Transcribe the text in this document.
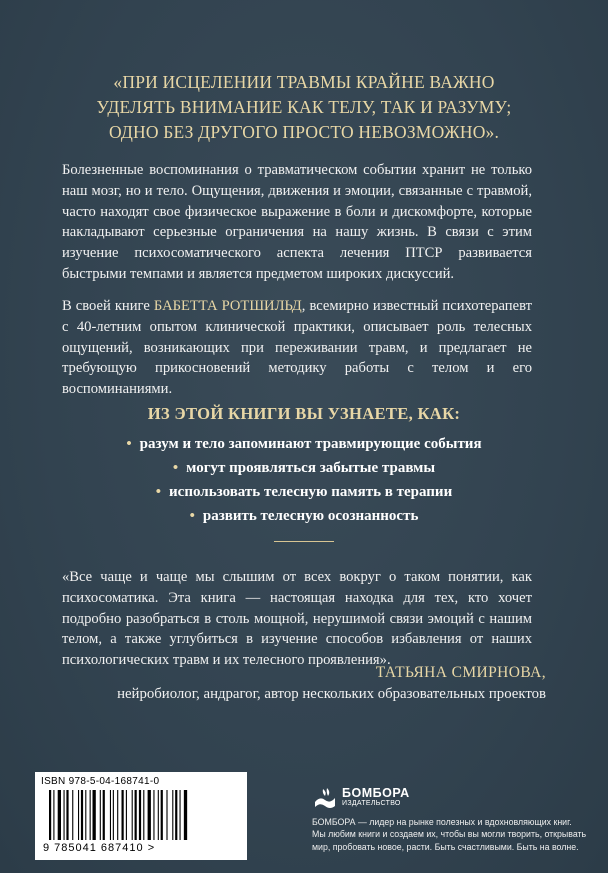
«ПРИ ИСЦЕЛЕНИИ ТРАВМЫ КРАЙНЕ ВАЖНО
УДЕЛЯТЬ ВНИМАНИЕ КАК ТЕЛУ, ТАК И РАЗУМУ;
ОДНО БЕЗ ДРУГОГО ПРОСТО НЕВОЗМОЖНО».
Болезненные воспоминания о травматическом событии хранит не только наш мозг, но и тело. Ощущения, движения и эмоции, связанные с травмой, часто находят свое физическое выражение в боли и дискомфорте, которые накладывают серьезные ограничения на нашу жизнь. В связи с этим изучение психосоматического аспекта лечения ПТСР развивается быстрыми темпами и является предметом широких дискуссий.
В своей книге БАБЕТТА РОТШИЛЬД, всемирно известный психотерапевт с 40-летним опытом клинической практики, описывает роль телесных ощущений, возникающих при переживании травм, и предлагает не требующую прикосновений методику работы с телом и его воспоминаниями.
ИЗ ЭТОЙ КНИГИ ВЫ УЗНАЕТЕ, КАК:
• разум и тело запоминают травмирующие события
• могут проявляться забытые травмы
• использовать телесную память в терапии
• развить телесную осознанность
«Все чаще и чаще мы слышим от всех вокруг о таком понятии, как психосоматика. Эта книга — настоящая находка для тех, кто хочет подробно разобраться в столь мощной, нерушимой связи эмоций с нашим телом, а также углубиться в изучение способов избавления от наших психологических травм и их телесного проявления».
ТАТЬЯНА СМИРНОВА,
нейробиолог, андрагог, автор нескольких образовательных проектов
ISBN 978-5-04-168741-0
9 785041 687410 >
БОМБОРА
ИЗДАТЕЛЬСТВО
БОМБОРА — лидер на рынке полезных и вдохновляющих книг.
Мы любим книги и создаем их, чтобы вы могли творить, открывать
мир, пробовать новое, расти. Быть счастливыми. Быть на волне.
